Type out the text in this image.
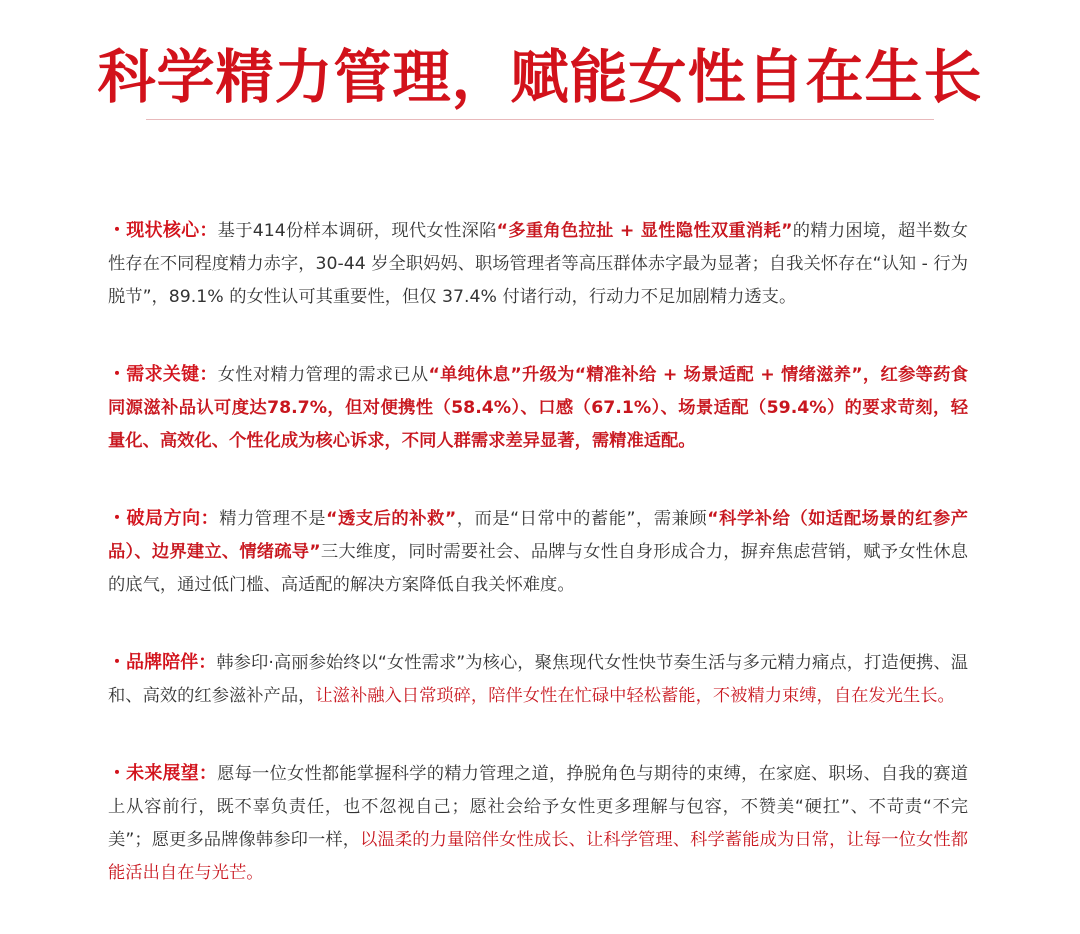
科学精力管理，赋能女性自在生长

・现状核心：基于414份样本调研，现代女性深陷“多重角色拉扯 + 显性隐性双重消耗”的精力困境，超半数女性存在不同程度精力赤字，30-44 岁全职妈妈、职场管理者等高压群体赤字最为显著；自我关怀存在“认知 - 行为脱节”，89.1% 的女性认可其重要性，但仅 37.4% 付诸行动，行动力不足加剧精力透支。

・需求关键：女性对精力管理的需求已从“单纯休息”升级为“精准补给 + 场景适配 + 情绪滋养”，红参等药食同源滋补品认可度达78.7%，但对便携性（58.4%）、口感（67.1%）、场景适配（59.4%）的要求苛刻，轻量化、高效化、个性化成为核心诉求，不同人群需求差异显著，需精准适配。

・破局方向：精力管理不是“透支后的补救”，而是“日常中的蓄能”，需兼顾“科学补给（如适配场景的红参产品）、边界建立、情绪疏导”三大维度，同时需要社会、品牌与女性自身形成合力，摒弃焦虑营销，赋予女性休息的底气，通过低门槛、高适配的解决方案降低自我关怀难度。

・品牌陪伴：韩参印·高丽参始终以“女性需求”为核心，聚焦现代女性快节奏生活与多元精力痛点，打造便携、温和、高效的红参滋补产品，让滋补融入日常琐碎，陪伴女性在忙碌中轻松蓄能，不被精力束缚，自在发光生长。

・未来展望：愿每一位女性都能掌握科学的精力管理之道，挣脱角色与期待的束缚，在家庭、职场、自我的赛道上从容前行，既不辜负责任，也不忽视自己；愿社会给予女性更多理解与包容，不赞美“硬扛”、不苛责“不完美”；愿更多品牌像韩参印一样，以温柔的力量陪伴女性成长、让科学管理、科学蓄能成为日常，让每一位女性都能活出自在与光芒。
